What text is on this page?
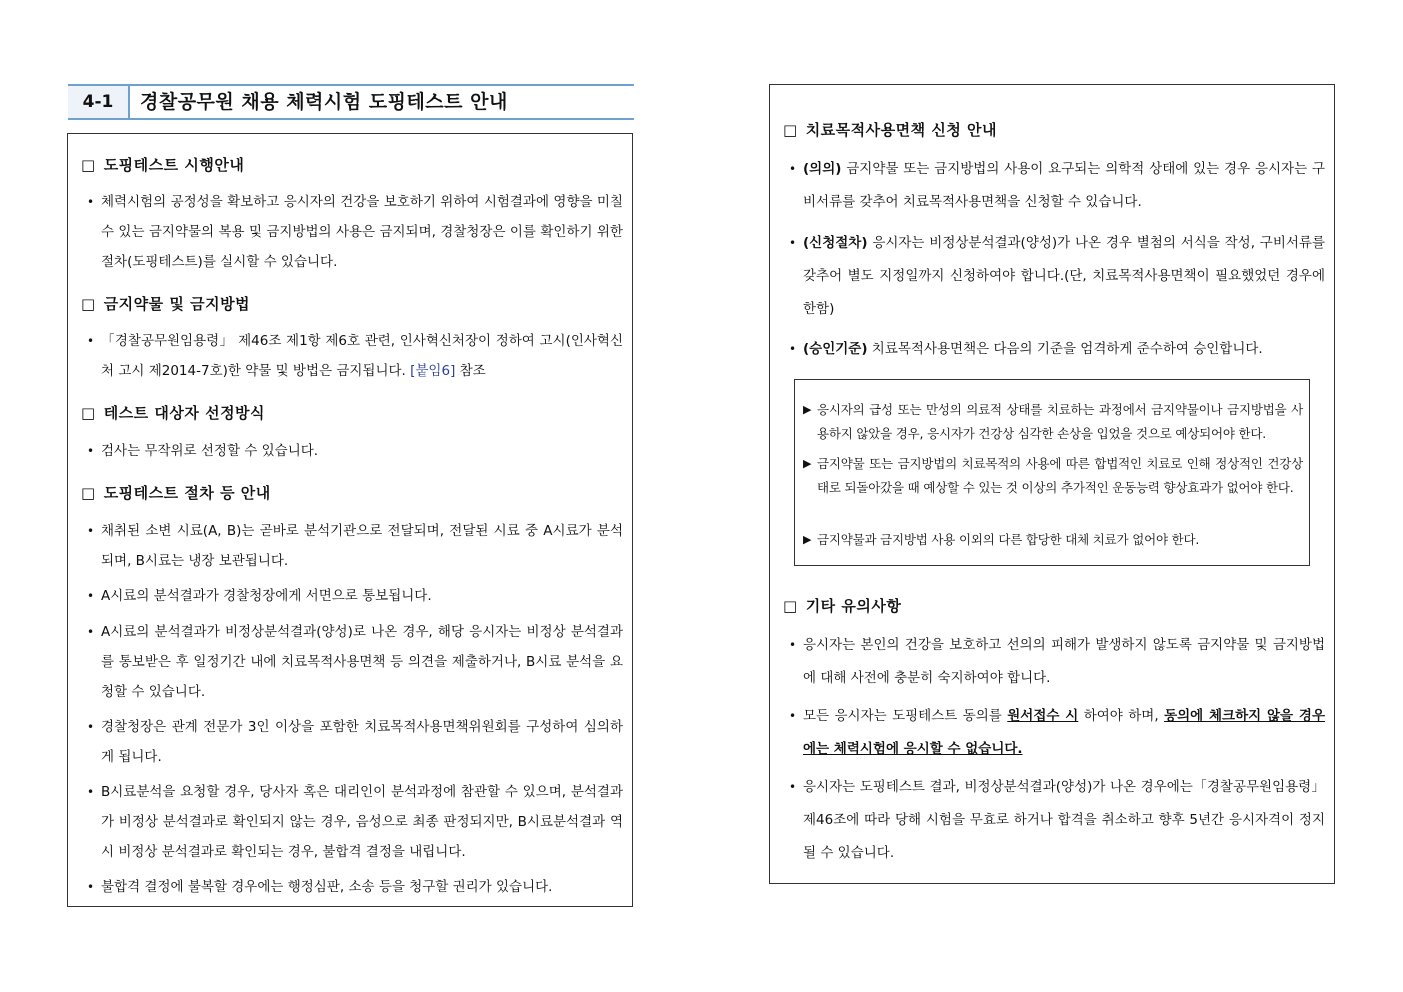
4-1	경찰공무원 채용 체력시험 도핑테스트 안내
□ 도핑테스트 시행안내
• 체력시험의 공정성을 확보하고 응시자의 건강을 보호하기 위하여 시험결과에 영향을 미칠 수 있는 금지약물의 복용 및 금지방법의 사용은 금지되며, 경찰청장은 이를 확인하기 위한 절차(도핑테스트)를 실시할 수 있습니다.
□ 금지약물 및 금지방법
• 「경찰공무원임용령」 제46조 제1항 제6호 관련, 인사혁신처장이 정하여 고시(인사혁신처 고시 제2014-7호)한 약물 및 방법은 금지됩니다. [붙임6] 참조
□ 테스트 대상자 선정방식
• 검사는 무작위로 선정할 수 있습니다.
□ 도핑테스트 절차 등 안내
• 채취된 소변 시료(A, B)는 곧바로 분석기관으로 전달되며, 전달된 시료 중 A시료가 분석되며, B시료는 냉장 보관됩니다.
• A시료의 분석결과가 경찰청장에게 서면으로 통보됩니다.
• A시료의 분석결과가 비정상분석결과(양성)로 나온 경우, 해당 응시자는 비정상 분석결과를 통보받은 후 일정기간 내에 치료목적사용면책 등 의견을 제출하거나, B시료 분석을 요청할 수 있습니다.
• 경찰청장은 관계 전문가 3인 이상을 포함한 치료목적사용면책위원회를 구성하여 심의하게 됩니다.
• B시료분석을 요청할 경우, 당사자 혹은 대리인이 분석과정에 참관할 수 있으며, 분석결과가 비정상 분석결과로 확인되지 않는 경우, 음성으로 최종 판정되지만, B시료분석결과 역시 비정상 분석결과로 확인되는 경우, 불합격 결정을 내립니다.
• 불합격 결정에 불복할 경우에는 행정심판, 소송 등을 청구할 권리가 있습니다.
□ 치료목적사용면책 신청 안내
• (의의) 금지약물 또는 금지방법의 사용이 요구되는 의학적 상태에 있는 경우 응시자는 구비서류를 갖추어 치료목적사용면책을 신청할 수 있습니다.
• (신청절차) 응시자는 비정상분석결과(양성)가 나온 경우 별첨의 서식을 작성, 구비서류를 갖추어 별도 지정일까지 신청하여야 합니다.(단, 치료목적사용면책이 필요했었던 경우에 한함)
• (승인기준) 치료목적사용면책은 다음의 기준을 엄격하게 준수하여 승인합니다.
▶ 응시자의 급성 또는 만성의 의료적 상태를 치료하는 과정에서 금지약물이나 금지방법을 사용하지 않았을 경우, 응시자가 건강상 심각한 손상을 입었을 것으로 예상되어야 한다.
▶ 금지약물 또는 금지방법의 치료목적의 사용에 따른 합법적인 치료로 인해 정상적인 건강상태로 되돌아갔을 때 예상할 수 있는 것 이상의 추가적인 운동능력 향상효과가 없어야 한다.
▶ 금지약물과 금지방법 사용 이외의 다른 합당한 대체 치료가 없어야 한다.
□ 기타 유의사항
• 응시자는 본인의 건강을 보호하고 선의의 피해가 발생하지 않도록 금지약물 및 금지방법에 대해 사전에 충분히 숙지하여야 합니다.
• 모든 응시자는 도핑테스트 동의를 원서접수 시 하여야 하며, 동의에 체크하지 않을 경우에는 체력시험에 응시할 수 없습니다.
• 응시자는 도핑테스트 결과, 비정상분석결과(양성)가 나온 경우에는「경찰공무원임용령」제46조에 따라 당해 시험을 무효로 하거나 합격을 취소하고 향후 5년간 응시자격이 정지 될 수 있습니다.
